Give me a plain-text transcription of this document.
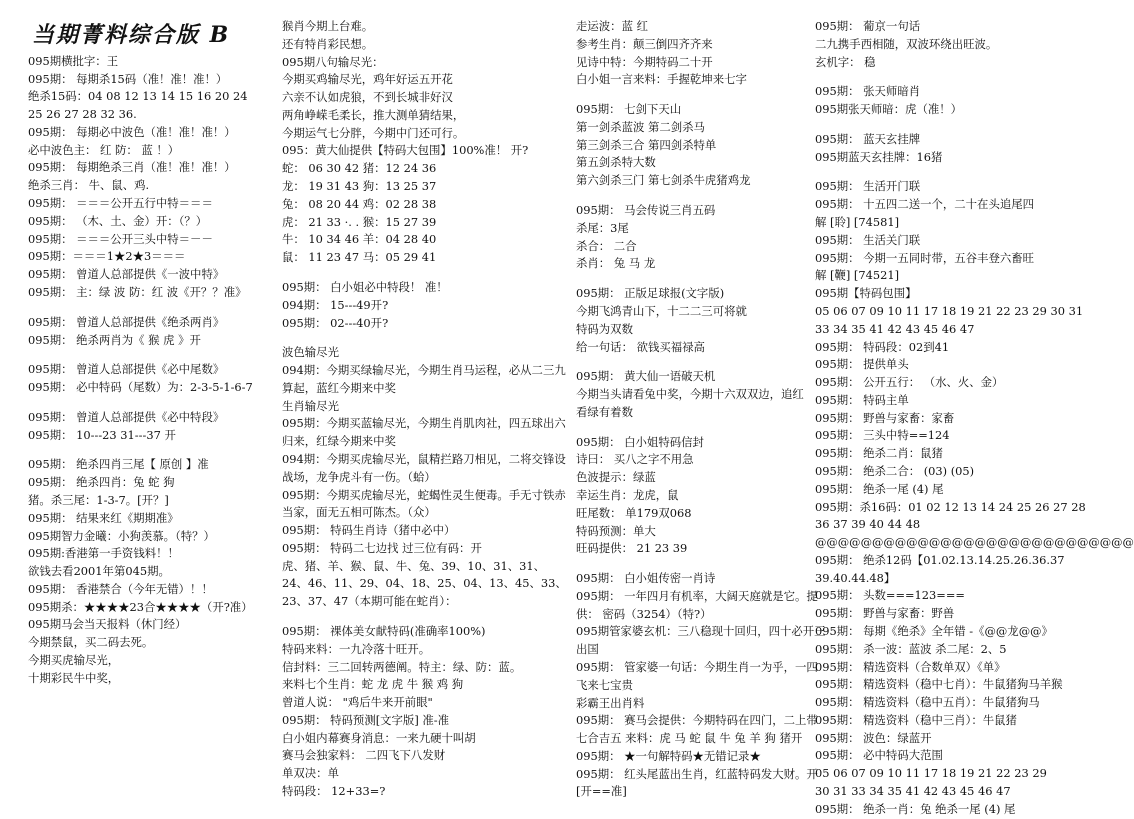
当期菁料综合版 B
095期横批字：王
095期： 每期杀15码（准！准！准！）
绝杀15码：04 08 12 13 14 15 16 20 24
25 26 27 28 32 36.
095期： 每期必中波色（准！准！准！）
必中波色主： 红 防： 蓝 ！）
095期： 每期绝杀三肖（准！准！准！）
绝杀三肖： 牛、鼠、鸡.
095期： ＝＝＝公开五行中特＝＝＝
095期： （木、土、金）开：（？）
095期： ＝＝＝公开三头中特＝－－
095期：＝＝＝1★2★3＝＝＝
095期： 曾道人总部提供《一波中特》
095期： 主：绿 波 防：红 波《开？？准》
095期： 曾道人总部提供《绝杀两肖》
095期： 绝杀两肖为《 猴 虎 》开
095期： 曾道人总部提供《必中尾数》
095期： 必中特码（尾数）为：2-3-5-1-6-7
095期： 曾道人总部提供《必中特段》
095期： 10---23 31---37 开
095期： 绝杀四肖三尾【 原创 】准
095期： 绝杀四肖：兔 蛇 狗
猪。杀三尾：1-3-7。[开？]
095期： 结果来红《期期准》
095期智力金曦：小狗羡慕。（特？）
095期:香港第一手资钱料！！
欲钱去看2001年第045期。
095期： 香港禁合（今年无错）！！
095期杀：★★★★23合★★★★（开?准）
095期马会当天报料（休门经）
今期禁鼠，买二码去死。
今期买虎输尽光，
十期彩民牛中奖，
猴肖今期上台难。
还有特肖彩民想。
095期八句输尽光：
今期买鸡输尽光，鸡年好运五开花
六亲不认如虎狼，不到长城非好汉
两角峥嵘毛柔长，推大测单猜结果，
今期运气七分胖，今期中门还可行。
095：黄大仙提供【特码大包围】100%准！ 开?
蛇： 06 30 42 猪：12 24 36
龙： 19 31 43 狗：13 25 37
兔： 08 20 44 鸡：02 28 38
虎： 21 33 ·. . 猴：15 27 39
牛： 10 34 46 羊：04 28 40
鼠： 11 23 47 马：05 29 41
095期： 白小姐必中特段！ 准！
094期： 15---49开?
095期： 02---40开?
波色输尽光
094期：今期买绿输尽光，今期生肖马运程，必从二三九
算起，蓝红今期来中奖
生肖输尽光
095期：今期买蓝输尽光，今期生肖肌肉社，四五球出六
归来，红绿今期来中奖
094期：今期买虎输尽光，鼠精拦路刀相见，二将交锋设
战场，龙争虎斗有一伤。（蛤）
095期：今期买虎输尽光，蛇蝎性灵生便毒。手无寸铁赤
当家，面无五相可陈杰。（众）
095期： 特码生肖诗（猪中必中）
095期： 特码二七边找 过三位有码：开
虎、猪、羊、猴、鼠、牛、兔、39、10、31、31、
24、46、11、29、04、18、25、04、13、45、33、
23、37、47（本期可能在蛇肖）：
095期： 裸体美女献特码(准确率100%)
特码来料：一九冷落十旺开。
信封料：三二回转两德阐。特主：绿、防：蓝。
来料七个生肖：蛇 龙 虎 牛 猴 鸡 狗
曾道人说： "鸡后牛来开前眼"
095期： 特码预测[文字版] 准-准
白小姐内幕赛身消息：一来九硬十叫胡
赛马会独家料： 二四飞下八发财
单双决：单
特码段： 12+33=?
走运波：蓝 红
参考生肖：颠三倒四齐齐来
见诗中特：今期特码二十开
白小姐一言来料：手握乾坤来七字
095期： 七剑下天山
第一剑杀蓝波 第二剑杀马
第三剑杀三合 第四剑杀特单
第五剑杀特大数
第六剑杀三门 第七剑杀牛虎猪鸡龙
095期： 马会传说三肖五码
杀尾：3尾
杀合： 二合
杀肖： 兔 马 龙
095期： 正版足球报(文字版)
今期飞鸿青山下，十二二三可将就
特码为双数
给一句话： 欲钱买福禄高
095期： 黄大仙一语破天机
今期当头请看兔中奖，今期十六双双边，追红
看绿有着数
095期： 白小姐特码信封
诗曰： 买八之字不用急
色波提示：绿蓝
幸运生肖：龙虎，鼠
旺尾数： 单179双068
特码预测：单大
旺码提供： 21 23 39
095期： 白小姐传密一肖诗
095期： 一年四月有机率，大阔天庭就是它。提
供： 密码（3254）（特?）
095期管家婆玄机：三八稳现十回归，四十必开三
出国
095期： 管家婆一句话：今期生肖一为乎，一四
飞来七宝贵
彩霸王出肖料
095期： 赛马会提供：今期特码在四门，二上带
七合吉五 来料：虎 马 蛇 鼠 牛 兔 羊 狗 猪开
095期： ★一句解特码★无错记录★
095期： 红头尾蓝出生肖，红蓝特码发大财。开
[开==准]
095期： 葡京一句话
二九携手西相随，双波环绕出旺波。
玄机字： 稳
095期： 张天师暗肖
095期张天师暗：虎（准！）
095期： 蓝天玄挂牌
095期蓝天玄挂牌：16猪
095期： 生活开门联
095期： 十五四二送一个，二十在头追尾四
解 [聆] [74581]
095期： 生活关门联
095期： 今期一五同时带，五谷丰登六畜旺
解 [鞭] [74521]
095期【特码包围】
05 06 07 09 10 11 17 18 19 21 22 23 29 30 31
33 34 35 41 42 43 45 46 47
095期： 特码段：02到41
095期： 提供单头
095期： 公开五行： （水、火、金）
095期： 特码主单
095期： 野兽与家畜：家畜
095期： 三头中特==124
095期： 绝杀二肖：鼠猪
095期： 绝杀二合： (03) (05)
095期： 绝杀一尾 (4) 尾
095期：杀16码：01 02 12 13 14 24 25 26 27 28
36 37 39 40 44 48
@@@@@@@@@@@@@@@@@@@@@@@@@@@@
095期： 绝杀12码【01.02.13.14.25.26.36.37
39.40.44.48】
095期： 头数===123===
095期： 野兽与家畜：野兽
095期： 每期《绝杀》全年错 -《@@龙@@》
095期： 杀一波：蓝波 杀二尾：2、5
095期： 精选资料（合数单双）《单》
095期： 精选资料（稳中七肖）：牛鼠猪狗马羊猴
095期： 精选资料（稳中五肖）：牛鼠猪狗马
095期： 精选资料（稳中三肖）：牛鼠猪
095期： 波色：绿蓝开
095期： 必中特码大范围
05 06 07 09 10 11 17 18 19 21 22 23 29
30 31 33 34 35 41 42 43 45 46 47
095期： 绝杀一肖：兔 绝杀一尾 (4) 尾
